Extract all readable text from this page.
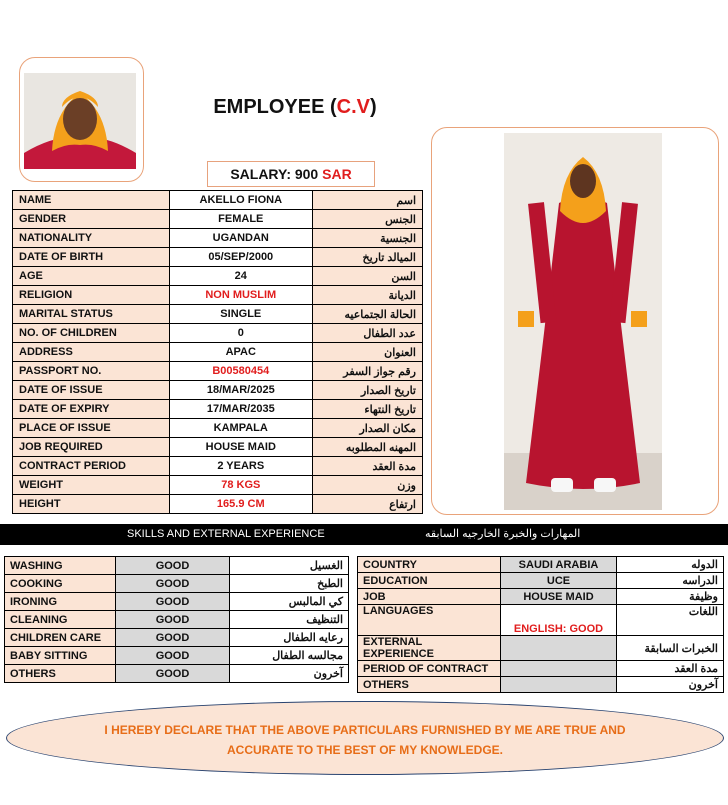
EMPLOYEE (C.V)
SALARY: 900 SAR
NAME	AKELLO FIONA	اسم
GENDER	FEMALE	الجنس
NATIONALITY	UGANDAN	الجنسية
DATE OF BIRTH	05/SEP/2000	الميالد تاريخ
AGE	24	السن
RELIGION	NON MUSLIM	الديانة
MARITAL STATUS	SINGLE	الحالة الجتماعيه
NO. OF CHILDREN	0	عدد الطفال
ADDRESS	APAC	العنوان
PASSPORT NO.	B00580454	رقم جواز السفر
DATE OF ISSUE	18/MAR/2025	تاريخ الصدار
DATE OF EXPIRY	17/MAR/2035	تاريخ النتهاء
PLACE OF ISSUE	KAMPALA	مكان الصدار
JOB REQUIRED	HOUSE MAID	المهنه المطلوبه
CONTRACT PERIOD	2 YEARS	مدة العقد
WEIGHT	78 KGS	وزن
HEIGHT	165.9 CM	ارتفاع
SKILLS AND EXTERNAL EXPERIENCE	المهارات والخبرة الخارجيه السابقه
WASHING	GOOD	الغسيل
COOKING	GOOD	الطبخ
IRONING	GOOD	كي المالبس
CLEANING	GOOD	التنظيف
CHILDREN CARE	GOOD	رعايه الطفال
BABY SITTING	GOOD	مجالسه الطفال
OTHERS	GOOD	آخرون
COUNTRY	SAUDI ARABIA	الدوله
EDUCATION	UCE	الدراسه
JOB	HOUSE MAID	وظيفة
LANGUAGES	ENGLISH: GOOD	اللغات
EXTERNAL EXPERIENCE		الخبرات السابقة
PERIOD OF CONTRACT		مدة العقد
OTHERS		آخرون

I HEREBY DECLARE THAT THE ABOVE PARTICULARS FURNISHED BY ME ARE TRUE AND
ACCURATE TO THE BEST OF MY KNOWLEDGE.
